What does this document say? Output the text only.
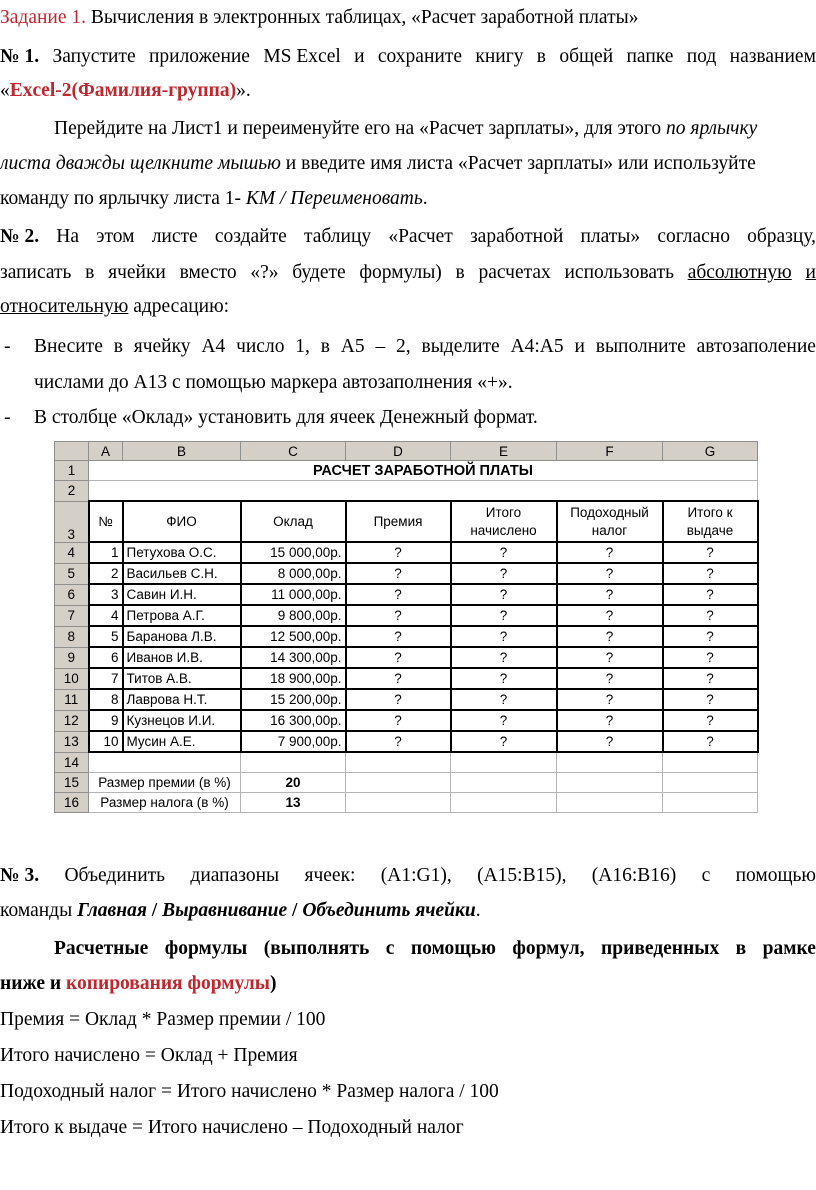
Задание 1. Вычисления в электронных таблицах, «Расчет заработной платы»
№ 1. Запустите приложение MS Excel и сохраните книгу в общей папке под названием
«Excel-2(Фамилия-группа)».
Перейдите на Лист1 и переименуйте его на «Расчет зарплаты», для этого по ярлычку
листа дважды щелкните мышью и введите имя листа «Расчет зарплаты» или используйте
команду по ярлычку листа 1- КМ / Переименовать.
№ 2. На этом листе создайте таблицу «Расчет заработной платы» согласно образцу,
записать в ячейки вместо «?» будете формулы) в расчетах использовать абсолютную и
относительную адресацию:
- Внесите в ячейку А4 число 1, в А5 – 2, выделите А4:А5 и выполните автозаполение
числами до А13 с помощью маркера автозаполнения «+».
- В столбце «Оклад» установить для ячеек Денежный формат.
	A	B	C	D	E	F	G
1	РАСЧЕТ ЗАРАБОТНОЙ ПЛАТЫ						
2							
3	№	ФИО	Оклад	Премия	Итого начислено	Подоходный налог	Итого к выдаче
4	1	Петухова О.С.	15 000,00р.	?	?	?	?
5	2	Васильев С.Н.	8 000,00р.	?	?	?	?
6	3	Савин И.Н.	11 000,00р.	?	?	?	?
7	4	Петрова А.Г.	9 800,00р.	?	?	?	?
8	5	Баранова Л.В.	12 500,00р.	?	?	?	?
9	6	Иванов И.В.	14 300,00р.	?	?	?	?
10	7	Титов А.В.	18 900,00р.	?	?	?	?
11	8	Лаврова Н.Т.	15 200,00р.	?	?	?	?
12	9	Кузнецов И.И.	16 300,00р.	?	?	?	?
13	10	Мусин А.Е.	7 900,00р.	?	?	?	?
14							
15	Размер премии (в %)		20				
16	Размер налога (в %)		13				
№ 3. Объединить диапазоны ячеек: (А1:G1), (А15:В15), (А16:В16) с помощью
команды Главная / Выравнивание / Объединить ячейки.
Расчетные формулы (выполнять с помощью формул, приведенных в рамке
ниже и копирования формулы)
Премия = Оклад * Размер премии / 100
Итого начислено = Оклад + Премия
Подоходный налог = Итого начислено * Размер налога / 100
Итого к выдаче = Итого начислено – Подоходный налог
